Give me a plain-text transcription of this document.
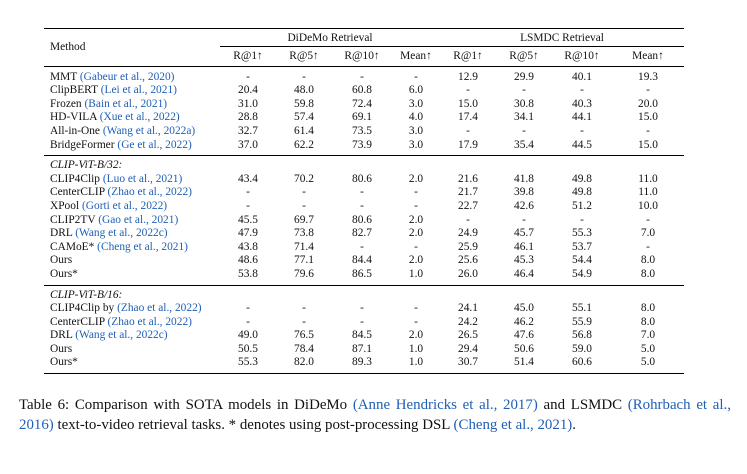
Method	DiDeMo Retrieval				LSMDC Retrieval			
	R@1↑	R@5↑	R@10↑	Mean↑	R@1↑	R@5↑	R@10↑	Mean↑
MMT (Gabeur et al., 2020)	-	-	-	-	12.9	29.9	40.1	19.3
ClipBERT (Lei et al., 2021)	20.4	48.0	60.8	6.0	-	-	-	-
Frozen (Bain et al., 2021)	31.0	59.8	72.4	3.0	15.0	30.8	40.3	20.0
HD-VILA (Xue et al., 2022)	28.8	57.4	69.1	4.0	17.4	34.1	44.1	15.0
All-in-One (Wang et al., 2022a)	32.7	61.4	73.5	3.0	-	-	-	-
BridgeFormer (Ge et al., 2022)	37.0	62.2	73.9	3.0	17.9	35.4	44.5	15.0
CLIP-ViT-B/32:								
CLIP4Clip (Luo et al., 2021)	43.4	70.2	80.6	2.0	21.6	41.8	49.8	11.0
CenterCLIP (Zhao et al., 2022)	-	-	-	-	21.7	39.8	49.8	11.0
XPool (Gorti et al., 2022)	-	-	-	-	22.7	42.6	51.2	10.0
CLIP2TV (Gao et al., 2021)	45.5	69.7	80.6	2.0	-	-	-	-
DRL (Wang et al., 2022c)	47.9	73.8	82.7	2.0	24.9	45.7	55.3	7.0
CAMoE* (Cheng et al., 2021)	43.8	71.4	-	-	25.9	46.1	53.7	-
Ours	48.6	77.1	84.4	2.0	25.6	45.3	54.4	8.0
Ours*	53.8	79.6	86.5	1.0	26.0	46.4	54.9	8.0
CLIP-ViT-B/16:								
CLIP4Clip by (Zhao et al., 2022)	-	-	-	-	24.1	45.0	55.1	8.0
CenterCLIP (Zhao et al., 2022)	-	-	-	-	24.2	46.2	55.9	8.0
DRL (Wang et al., 2022c)	49.0	76.5	84.5	2.0	26.5	47.6	56.8	7.0
Ours	50.5	78.4	87.1	1.0	29.4	50.6	59.0	5.0
Ours*	55.3	82.0	89.3	1.0	30.7	51.4	60.6	5.0
Table 6: Comparison with SOTA models in DiDeMo (Anne Hendricks et al., 2017) and LSMDC (Rohrbach et al., 2016) text-to-video retrieval tasks. * denotes using post-processing DSL (Cheng et al., 2021).
